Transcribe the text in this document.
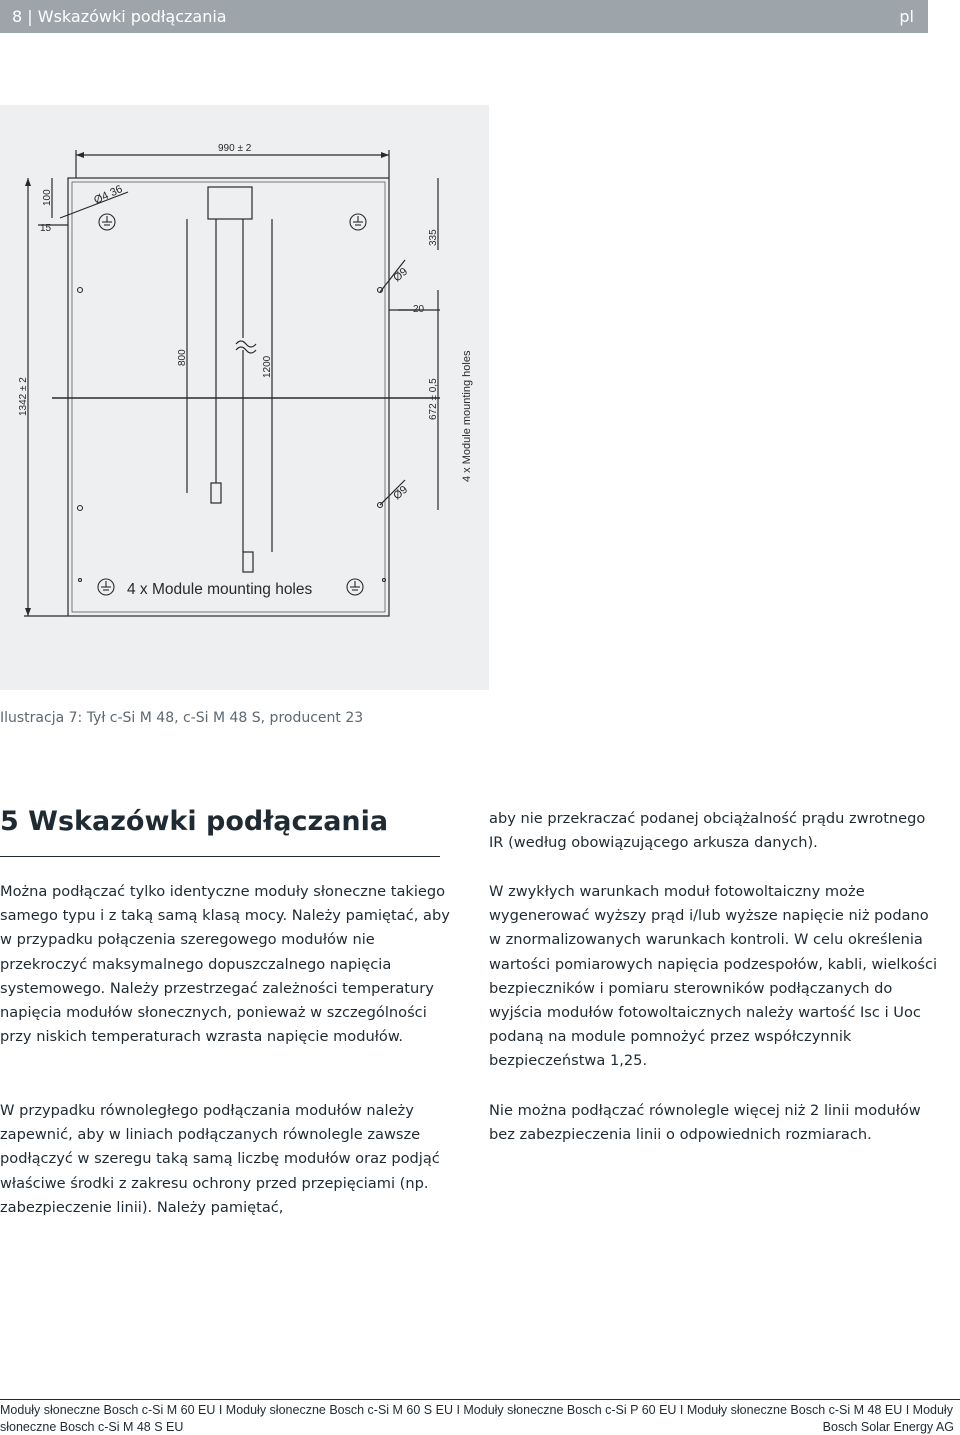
8 | Wskazówki podłączania	pl
990 ± 2
100
15
Ø4 36
335
Ø9
20
800	1200
1342 ± 2	672 ± 0,5
Ø9
4 x Module mounting holes
4 x Module mounting holes
Ilustracja 7: Tył c-Si M 48, c-Si M 48 S, producent 23
5 Wskazówki podłączania

Można podłączać tylko identyczne moduły słoneczne takiego samego typu i z taką samą klasą mocy. Należy pamiętać, aby w przypadku połączenia szeregowego modułów nie przekroczyć maksymalnego dopuszczalnego napięcia systemowego. Należy przestrzegać zależności temperatury napięcia modułów słonecznych, ponieważ w szczególności przy niskich temperaturach wzrasta napięcie modułów.

W przypadku równoległego podłączania modułów należy zapewnić, aby w liniach podłączanych równolegle zawsze podłączyć w szeregu taką samą liczbę modułów oraz podjąć właściwe środki z zakresu ochrony przed przepięciami (np. zabezpieczenie linii). Należy pamiętać,

aby nie przekraczać podanej obciążalność prądu zwrotnego IR (według obowiązującego arkusza danych).

W zwykłych warunkach moduł fotowoltaiczny może wygenerować wyższy prąd i/lub wyższe napięcie niż podano w znormalizowanych warunkach kontroli. W celu określenia wartości pomiarowych napięcia podzespołów, kabli, wielkości bezpieczników i pomiaru sterowników podłączanych do wyjścia modułów fotowoltaicznych należy wartość Isc i Uoc podaną na module pomnożyć przez współczynnik bezpieczeństwa 1,25.

Nie można podłączać równolegle więcej niż 2 linii modułów bez zabezpieczenia linii o odpowiednich rozmiarach.

Moduły słoneczne Bosch c-Si M 60 EU I Moduły słoneczne Bosch c-Si M 60 S EU I Moduły słoneczne Bosch c-Si P 60 EU I Moduły słoneczne Bosch c-Si M 48 EU I Moduły
słoneczne Bosch c-Si M 48 S EU	Bosch Solar Energy AG
